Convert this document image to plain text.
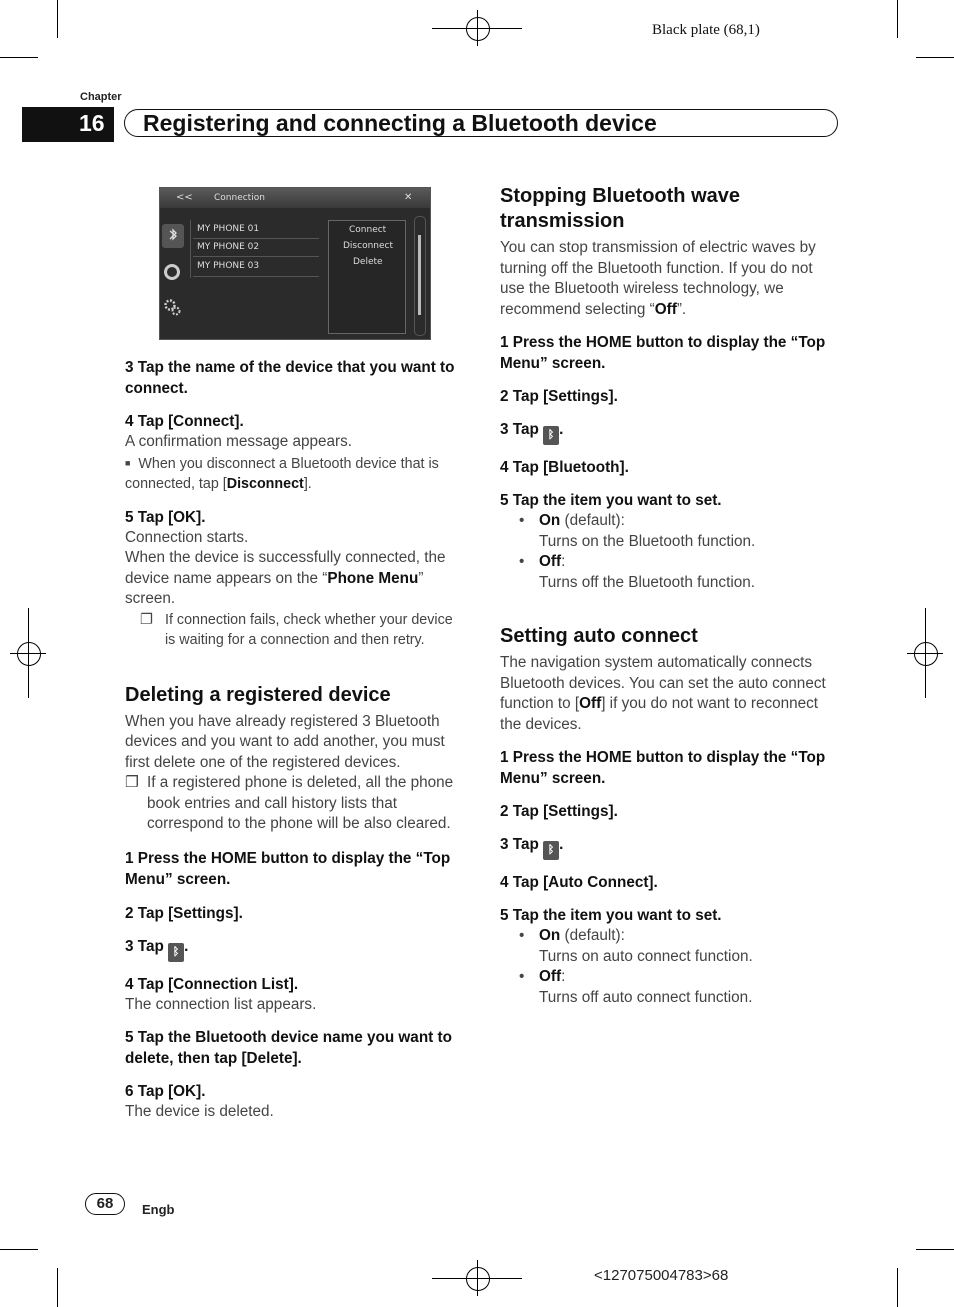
Black plate (68,1)
Chapter
16	Registering and connecting a Bluetooth device
<< Connection	✕
MY PHONE 01
MY PHONE 02
MY PHONE 03
Connect
Disconnect
Delete
3 Tap the name of the device that you want to connect.
4 Tap [Connect].
A confirmation message appears.
■ When you disconnect a Bluetooth device that is connected, tap [Disconnect].
5 Tap [OK].
Connection starts.
When the device is successfully connected, the device name appears on the “Phone Menu” screen.
❐ If connection fails, check whether your device is waiting for a connection and then retry.
Deleting a registered device
When you have already registered 3 Bluetooth devices and you want to add another, you must first delete one of the registered devices.
❐ If a registered phone is deleted, all the phone book entries and call history lists that correspond to the phone will be also cleared.
1 Press the HOME button to display the “Top Menu” screen.
2 Tap [Settings].
3 Tap ᛒ .
4 Tap [Connection List].
The connection list appears.
5 Tap the Bluetooth device name you want to delete, then tap [Delete].
6 Tap [OK].
The device is deleted.
Stopping Bluetooth wave transmission
You can stop transmission of electric waves by turning off the Bluetooth function. If you do not use the Bluetooth wireless technology, we recommend selecting “Off”.
1 Press the HOME button to display the “Top Menu” screen.
2 Tap [Settings].
3 Tap ᛒ .
4 Tap [Bluetooth].
5 Tap the item you want to set.
• On (default):
Turns on the Bluetooth function.
• Off:
Turns off the Bluetooth function.
Setting auto connect
The navigation system automatically connects Bluetooth devices. You can set the auto connect function to [Off] if you do not want to reconnect the devices.
1 Press the HOME button to display the “Top Menu” screen.
2 Tap [Settings].
3 Tap ᛒ .
4 Tap [Auto Connect].
5 Tap the item you want to set.
• On (default):
Turns on auto connect function.
• Off:
Turns off auto connect function.
68	Engb
<127075004783>68
